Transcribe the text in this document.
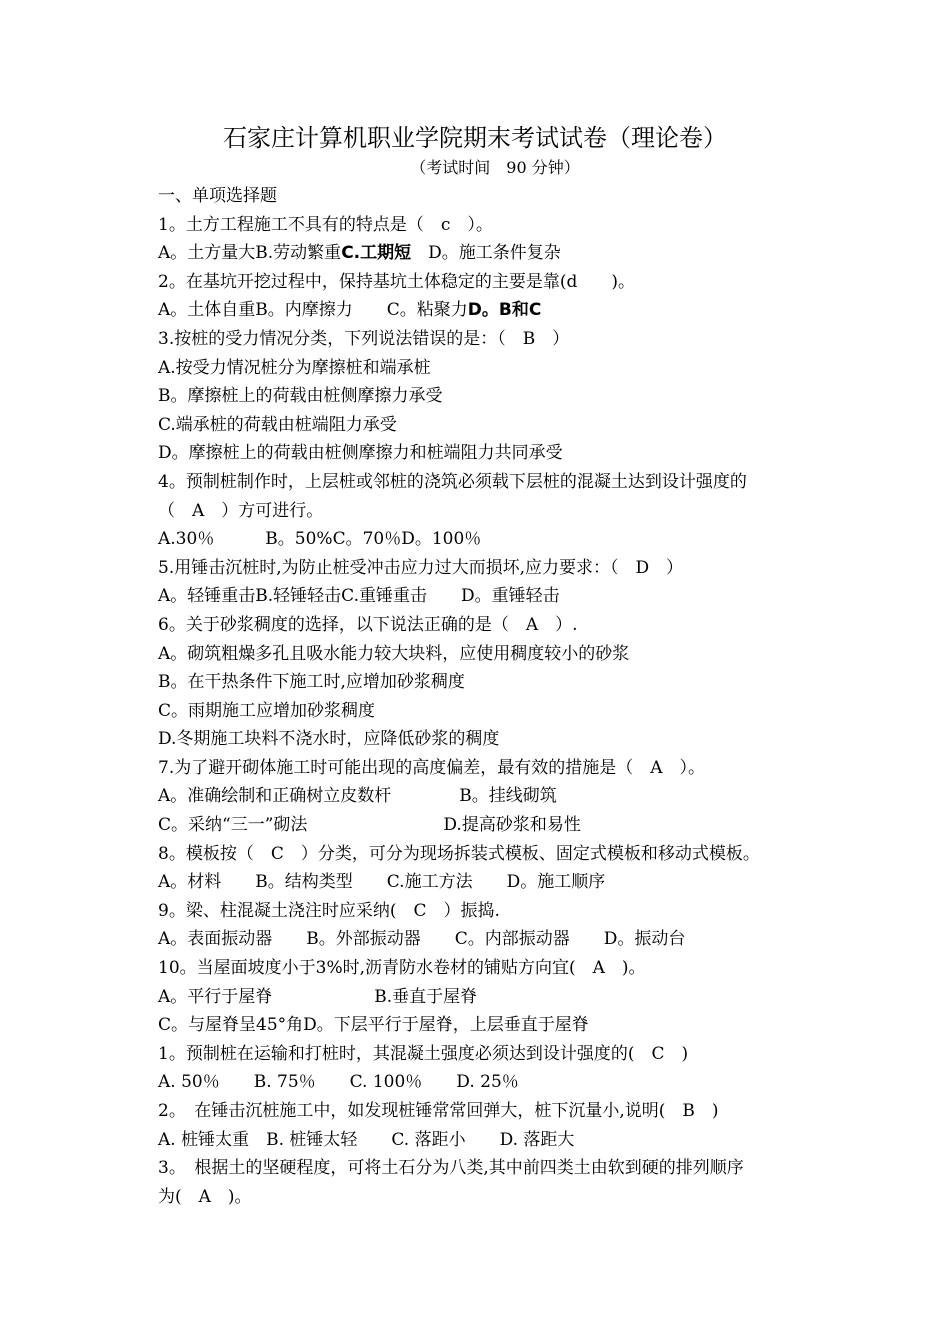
石家庄计算机职业学院期末考试试卷（理论卷）
（考试时间　90 分钟）
一、单项选择题
1。土方工程施工不具有的特点是（　c　）。
A。土方量大B.劳动繁重C.工期短　D。施工条件复杂
2。在基坑开挖过程中，保持基坑土体稳定的主要是靠(d　　)。
A。土体自重B。内摩擦力　　C。粘聚力D。B和C
3.按桩的受力情况分类，下列说法错误的是：（　B　）
A.按受力情况桩分为摩擦桩和端承桩
B。摩擦桩上的荷载由桩侧摩擦力承受
C.端承桩的荷载由桩端阻力承受
D。摩擦桩上的荷载由桩侧摩擦力和桩端阻力共同承受
4。预制桩制作时，上层桩或邻桩的浇筑必须载下层桩的混凝土达到设计强度的
（　A　）方可进行。
A.30％　　　B。50%C。70％D。100％
5.用锤击沉桩时,为防止桩受冲击应力过大而损坏,应力要求：（　D　）
A。轻锤重击B.轻锤轻击C.重锤重击　　D。重锤轻击
6。关于砂浆稠度的选择，以下说法正确的是（　A　）.
A。砌筑粗燥多孔且吸水能力较大块料，应使用稠度较小的砂浆
B。在干热条件下施工时,应增加砂浆稠度
C。雨期施工应增加砂浆稠度
D.冬期施工块料不浇水时，应降低砂浆的稠度
7.为了避开砌体施工时可能出现的高度偏差，最有效的措施是（　A　）。
A。准确绘制和正确树立皮数杆　　　　B。挂线砌筑
C。采纳“三一”砌法　　　　　　　　D.提高砂浆和易性
8。模板按（　C　）分类，可分为现场拆装式模板、固定式模板和移动式模板。
A。材料　　B。结构类型　　C.施工方法　　D。施工顺序
9。梁、柱混凝土浇注时应采纳(　C　）振捣.
A。表面振动器　　B。外部振动器　　C。内部振动器　　D。振动台
10。当屋面坡度小于3%时,沥青防水卷材的铺贴方向宜(　A　)。
A。平行于屋脊　　　　　　B.垂直于屋脊
C。与屋脊呈45°角D。下层平行于屋脊，上层垂直于屋脊
1。预制桩在运输和打桩时，其混凝土强度必须达到设计强度的(　C　)
A. 50％　　B. 75％　　C. 100％　　D. 25％
2。　在锤击沉桩施工中，如发现桩锤常常回弹大，桩下沉量小,说明(　B　)
A. 桩锤太重　B. 桩锤太轻　　C. 落距小　　D. 落距大
3。　根据土的坚硬程度，可将土石分为八类,其中前四类土由软到硬的排列顺序
为(　A　)。
